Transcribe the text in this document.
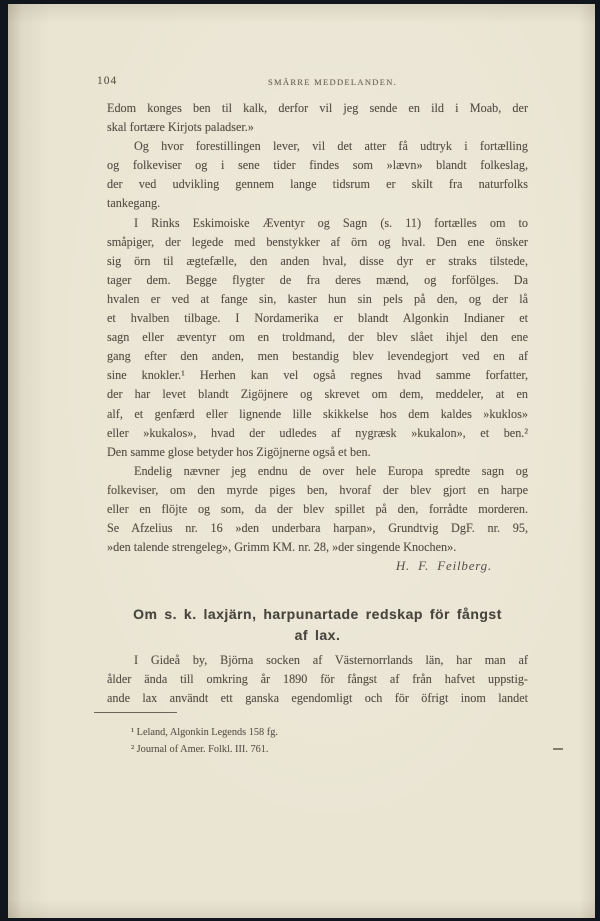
104	SMÄRRE MEDDELANDEN.
Edom konges ben til kalk, derfor vil jeg sende en ild i Moab, der
skal fortære Kirjots paladser.»
Og hvor forestillingen lever, vil det atter få udtryk i fortælling
og folkeviser og i sene tider findes som »lævn» blandt folkeslag,
der ved udvikling gennem lange tidsrum er skilt fra naturfolks
tankegang.
I Rinks Eskimoiske Æventyr og Sagn (s. 11) fortælles om to
småpiger, der legede med benstykker af örn og hval. Den ene önsker
sig örn til ægtefælle, den anden hval, disse dyr er straks tilstede,
tager dem. Begge flygter de fra deres mænd, og forfölges. Da
hvalen er ved at fange sin, kaster hun sin pels på den, og der lå
et hvalben tilbage. I Nordamerika er blandt Algonkin Indianer et
sagn eller æventyr om en troldmand, der blev slået ihjel den ene
gang efter den anden, men bestandig blev levendegjort ved en af
sine knokler.¹ Herhen kan vel også regnes hvad samme forfatter,
der har levet blandt Zigöjnere og skrevet om dem, meddeler, at en
alf, et genfærd eller lignende lille skikkelse hos dem kaldes »kuklos»
eller »kukalos», hvad der udledes af nygræsk »kukalon», et ben.²
Den samme glose betyder hos Zigöjnerne også et ben.
Endelig nævner jeg endnu de over hele Europa spredte sagn og
folkeviser, om den myrde piges ben, hvoraf der blev gjort en harpe
eller en flöjte og som, da der blev spillet på den, forrådte morderen.
Se Afzelius nr. 16 »den underbara harpan», Grundtvig DgF. nr. 95,
»den talende strengeleg», Grimm KM. nr. 28, »der singende Knochen».
H. F. Feilberg.
Om s. k. laxjärn, harpunartade redskap för fångst
af lax.
I Gideå by, Björna socken af Västernorrlands län, har man af
ålder ända till omkring år 1890 för fångst af från hafvet uppstig-
ande lax användt ett ganska egendomligt och för öfrigt inom landet
¹ Leland, Algonkin Legends 158 fg.
² Journal of Amer. Folkl. III. 761.
